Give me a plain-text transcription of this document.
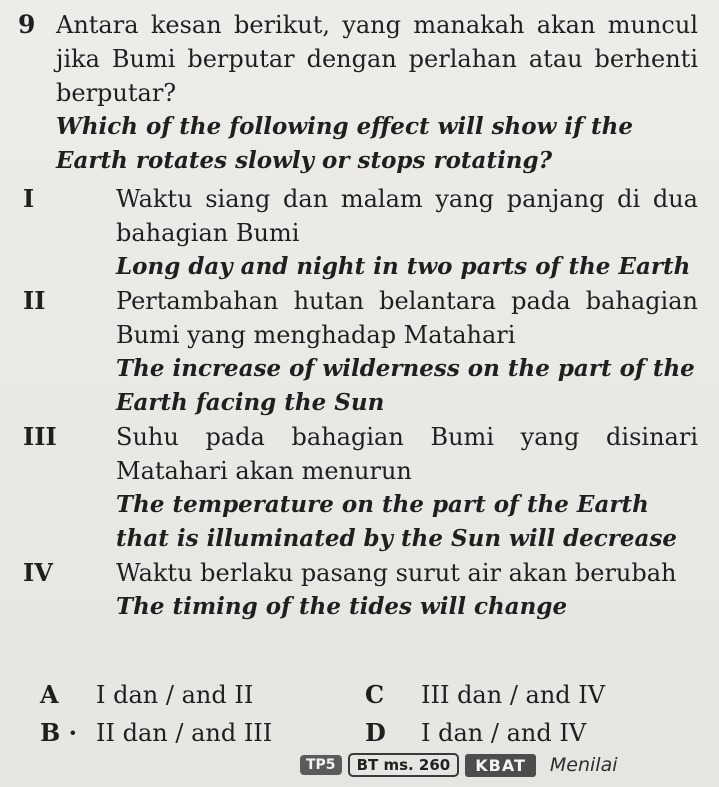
9 Antara kesan berikut, yang manakah akan muncul jika Bumi berputar dengan perlahan atau berhenti berputar?
Which of the following effect will show if the Earth rotates slowly or stops rotating?
I	Waktu siang dan malam yang panjang di dua bahagian Bumi
Long day and night in two parts of the Earth
II	Pertambahan hutan belantara pada bahagian Bumi yang menghadap Matahari
The increase of wilderness on the part of the Earth facing the Sun
III Suhu pada bahagian Bumi yang disinari Matahari akan menurun
The temperature on the part of the Earth that is illuminated by the Sun will decrease
IV	Waktu berlaku pasang surut air akan berubah
The timing of the tides will change
A I dan / and II
B · II dan / and III
C III dan / and IV
D I dan / and IV
TP5	BT ms. 260	KBAT	Menilai
